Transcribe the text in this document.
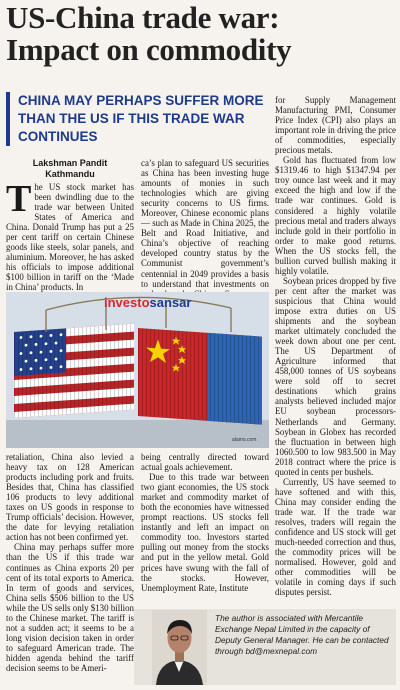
US-China trade war:
Impact on commodity
CHINA MAY PERHAPS SUFFER MORE THAN THE US IF THIS TRADE WAR CONTINUES
Lakshman Pandit
Kathmandu

The US stock market has been dwindling due to the trade war between United States of America and China. Donald Trump has put a 25 per cent tariff on certain Chinese goods like steels, solar panels, and aluminium. Moreover, he has asked his officials to impose additional $100 billion in tariff on the ‘Made in China’ products. In

ca’s plan to safeguard US securities as China has been investing huge amounts of monies in such technologies which are giving security concerns to US firms. Moreover, Chinese economic plans — such as Made in China 2025, the Belt and Road Initiative, and China’s objective of reaching developed country status by the Communist government’s centennial in 2049 provides a basis to understand that investments on

investosansar
alamo.com

retaliation, China also levied a heavy tax on 128 American products including pork and fruits. Besides that, China has classified 106 products to levy additional taxes on US goods in response to Trump officials’ decision. However, the date for levying retaliation action has not been confirmed yet.

China may perhaps suffer more than the US if this trade war continues as China exports 20 per cent of its total exports to America. In term of goods and services, China sells $506 billion to the US while the US sells only $130 billion to the Chinese market. The tariff is not a sudden act; it seems to be a long vision decision taken in order to safeguard American trade. The hidden agenda behind the tariff decision seems to be Ameri-

being centrally directed toward actual goals achievement.

Due to this trade war between two giant economies, the US stock market and commodity market of both the economies have witnessed prompt reactions. US stocks fell instantly and left an impact on commodity too. Investors started pulling out money from the stocks and put in the yellow metal. Gold prices have swung with the fall of the stocks. However, Unemployment Rate, Institute

for Supply Management Manufacturing PMI, Consumer Price Index (CPI) also plays an important role in driving the price of commodities, especially precious metals.

Gold has fluctuated from low $1319.46 to high $1347.94 per troy ounce last week and it may exceed the high and low if the trade war continues. Gold is considered a highly volatile precious metal and traders always include gold in their portfolio in order to make good returns. When the US stocks fell, the bullion curved bullish making it highly volatile.

Soybean prices dropped by five per cent after the market was suspicious that China would impose extra duties on US shipments and the soybean market ultimately concluded the week down about one per cent. The US Department of Agriculture informed that 458,000 tonnes of US soybeans were sold off to secret destinations which grains analysts believed included major EU soybean processors-Netherlands and Germany. Soybean in Globex has recorded the fluctuation in between high 1060.500 to low 983.500 in May 2018 contract where the price is quoted in cents per bushels.

Currently, US have seemed to have softened and with this, China may consider ending the trade war. If the trade war resolves, traders will regain the confidence and US stock will get much-needed correction and thus, the commodity prices will be normalised. However, gold and other commodities will be volatile in coming days if such disputes persist.

The author is associated with Mercantile Exchange Nepal Limited in the capacity of Deputy General Manager. He can be contacted through bd@mexnepal.com
